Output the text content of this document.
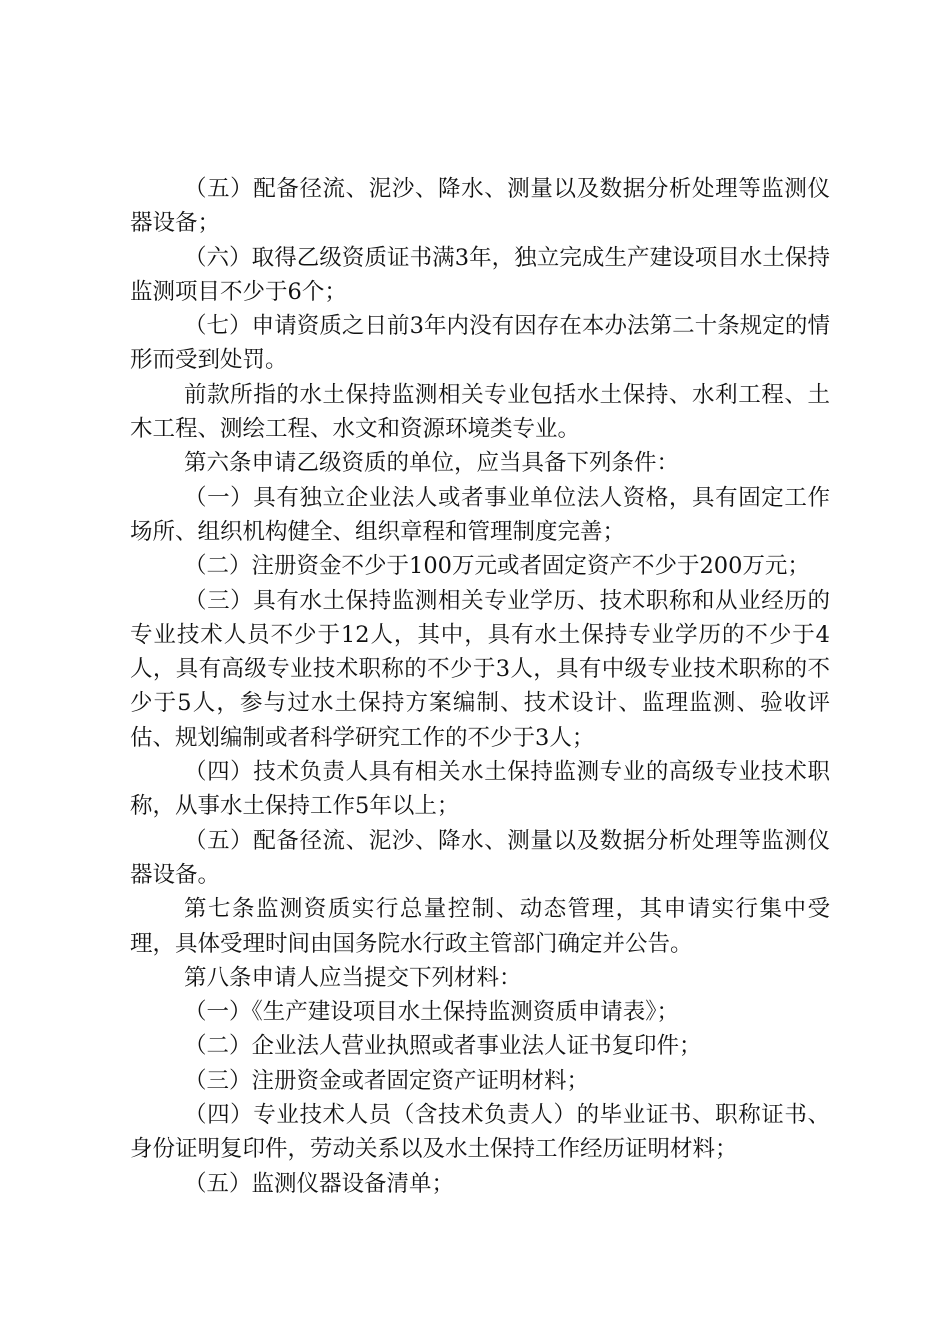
（五）配备径流、泥沙、降水、测量以及数据分析处理等监测仪器设备；

（六）取得乙级资质证书满3年，独立完成生产建设项目水土保持监测项目不少于6个；

（七）申请资质之日前3年内没有因存在本办法第二十条规定的情形而受到处罚。

前款所指的水土保持监测相关专业包括水土保持、水利工程、土木工程、测绘工程、水文和资源环境类专业。

第六条申请乙级资质的单位，应当具备下列条件：

（一）具有独立企业法人或者事业单位法人资格，具有固定工作场所、组织机构健全、组织章程和管理制度完善；

（二）注册资金不少于100万元或者固定资产不少于200万元；

（三）具有水土保持监测相关专业学历、技术职称和从业经历的专业技术人员不少于12人，其中，具有水土保持专业学历的不少于4人，具有高级专业技术职称的不少于3人，具有中级专业技术职称的不少于5人，参与过水土保持方案编制、技术设计、监理监测、验收评估、规划编制或者科学研究工作的不少于3人；

（四）技术负责人具有相关水土保持监测专业的高级专业技术职称，从事水土保持工作5年以上；

（五）配备径流、泥沙、降水、测量以及数据分析处理等监测仪器设备。

第七条监测资质实行总量控制、动态管理，其申请实行集中受理，具体受理时间由国务院水行政主管部门确定并公告。

第八条申请人应当提交下列材料：

（一）《生产建设项目水土保持监测资质申请表》；

（二）企业法人营业执照或者事业法人证书复印件；

（三）注册资金或者固定资产证明材料；

（四）专业技术人员（含技术负责人）的毕业证书、职称证书、身份证明复印件，劳动关系以及水土保持工作经历证明材料；

（五）监测仪器设备清单；
